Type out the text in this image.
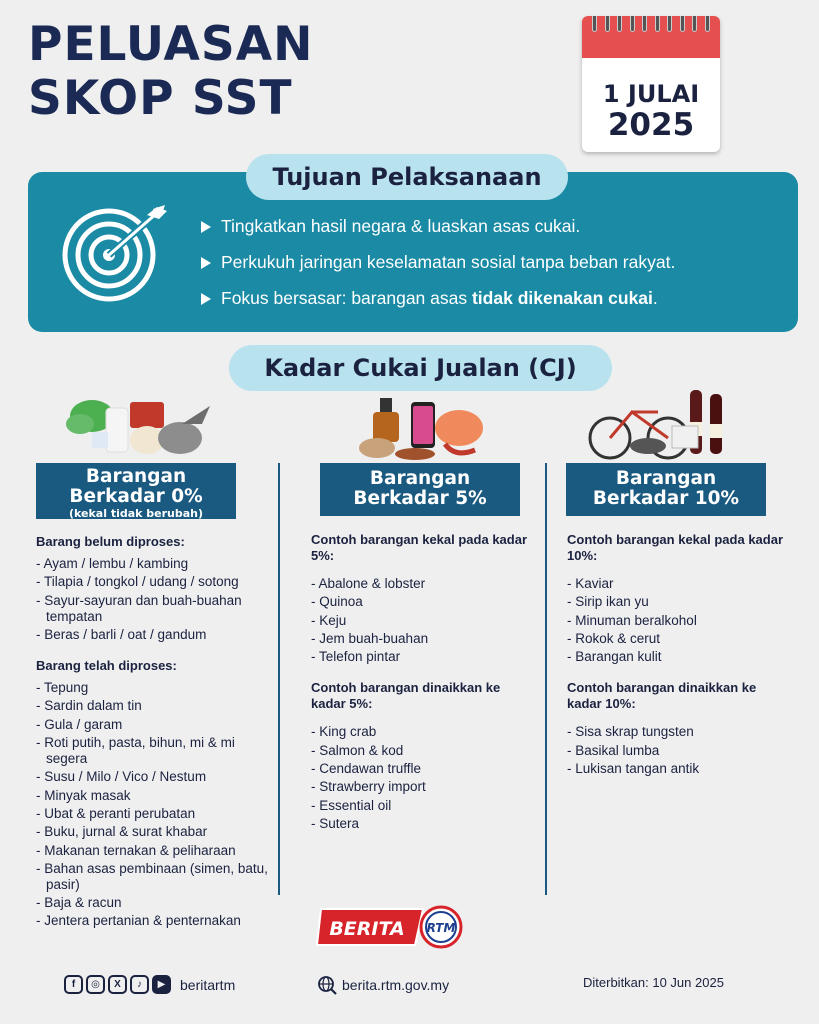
PELUASAN
SKOP SST	1 JULAI
2025
Tujuan Pelaksanaan
Tingkatkan hasil negara & luaskan asas cukai.
Perkukuh jaringan keselamatan sosial tanpa beban rakyat.
Fokus bersasar: barangan asas tidak dikenakan cukai.
Kadar Cukai Jualan (CJ)
Barangan Berkadar 0%
(kekal tidak berubah)
Barangan Berkadar 5%
Barangan Berkadar 10%
Barang belum diproses:
- Ayam / lembu / kambing
- Tilapia / tongkol / udang / sotong
- Sayur-sayuran dan buah-buahan tempatan
- Beras / barli / oat / gandum
Barang telah diproses:
- Tepung
- Sardin dalam tin
- Gula / garam
- Roti putih, pasta, bihun, mi & mi segera
- Susu / Milo / Vico / Nestum
- Minyak masak
- Ubat & peranti perubatan
- Buku, jurnal & surat khabar
- Makanan ternakan & peliharaan
- Bahan asas pembinaan (simen, batu, pasir)
- Baja & racun
- Jentera pertanian & penternakan
Contoh barangan kekal pada kadar 5%:
- Abalone & lobster
- Quinoa
- Keju
- Jem buah-buahan
- Telefon pintar
Contoh barangan dinaikkan ke kadar 5%:
- King crab
- Salmon & kod
- Cendawan truffle
- Strawberry import
- Essential oil
- Sutera
Contoh barangan kekal pada kadar 10%:
- Kaviar
- Sirip ikan yu
- Minuman beralkohol
- Rokok & cerut
- Barangan kulit
Contoh barangan dinaikkan ke kadar 10%:
- Sisa skrap tungsten
- Basikal lumba
- Lukisan tangan antik
BERITA RTM
f	◎	X	♪	▶	beritartm	berita.rtm.gov.my	Diterbitkan: 10 Jun 2025
